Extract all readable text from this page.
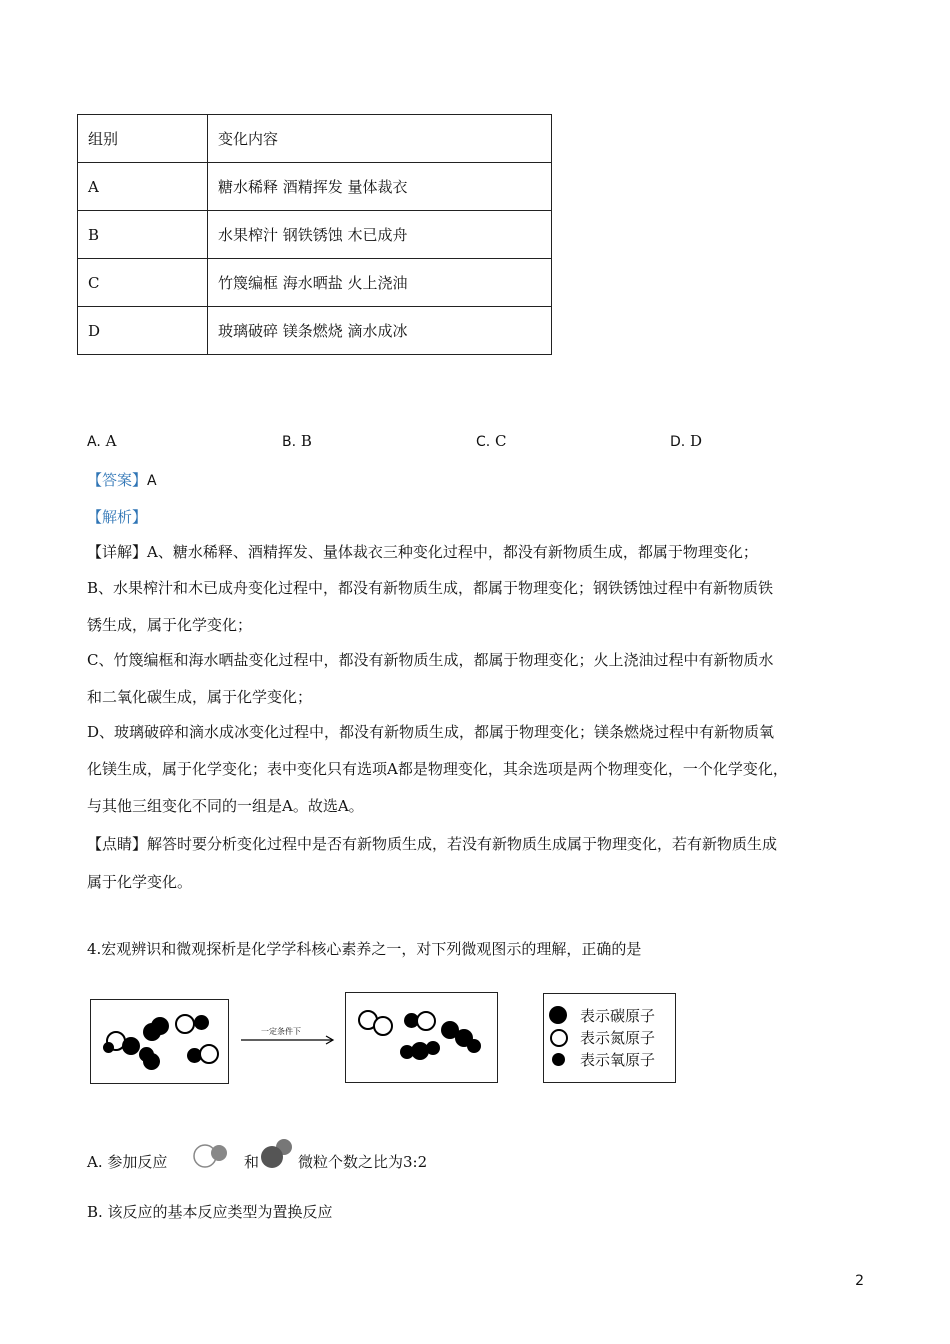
组别	变化内容
A	糖水稀释 酒精挥发 量体裁衣
B	水果榨汁 钢铁锈蚀 木已成舟
C	竹篾编框 海水晒盐 火上浇油
D	玻璃破碎 镁条燃烧 滴水成冰
A. A	B. B	C. C	D. D
【答案】A
【解析】
【详解】A、糖水稀释、酒精挥发、量体裁衣三种变化过程中，都没有新物质生成，都属于物理变化；
B、水果榨汁和木已成舟变化过程中，都没有新物质生成，都属于物理变化；钢铁锈蚀过程中有新物质铁
锈生成，属于化学变化；
C、竹篾编框和海水晒盐变化过程中，都没有新物质生成，都属于物理变化；火上浇油过程中有新物质水
和二氧化碳生成，属于化学变化；
D、玻璃破碎和滴水成冰变化过程中，都没有新物质生成，都属于物理变化；镁条燃烧过程中有新物质氧
化镁生成，属于化学变化；表中变化只有选项A都是物理变化，其余选项是两个物理变化，一个化学变化，
与其他三组变化不同的一组是A。故选A。
【点睛】解答时要分析变化过程中是否有新物质生成，若没有新物质生成属于物理变化，若有新物质生成
属于化学变化。
4.宏观辨识和微观探析是化学学科核心素养之一，对下列微观图示的理解，正确的是
一定条件下
表示碳原子
表示氮原子
表示氧原子
A. 参加反应	和	微粒个数之比为3:2
B. 该反应的基本反应类型为置换反应
2
